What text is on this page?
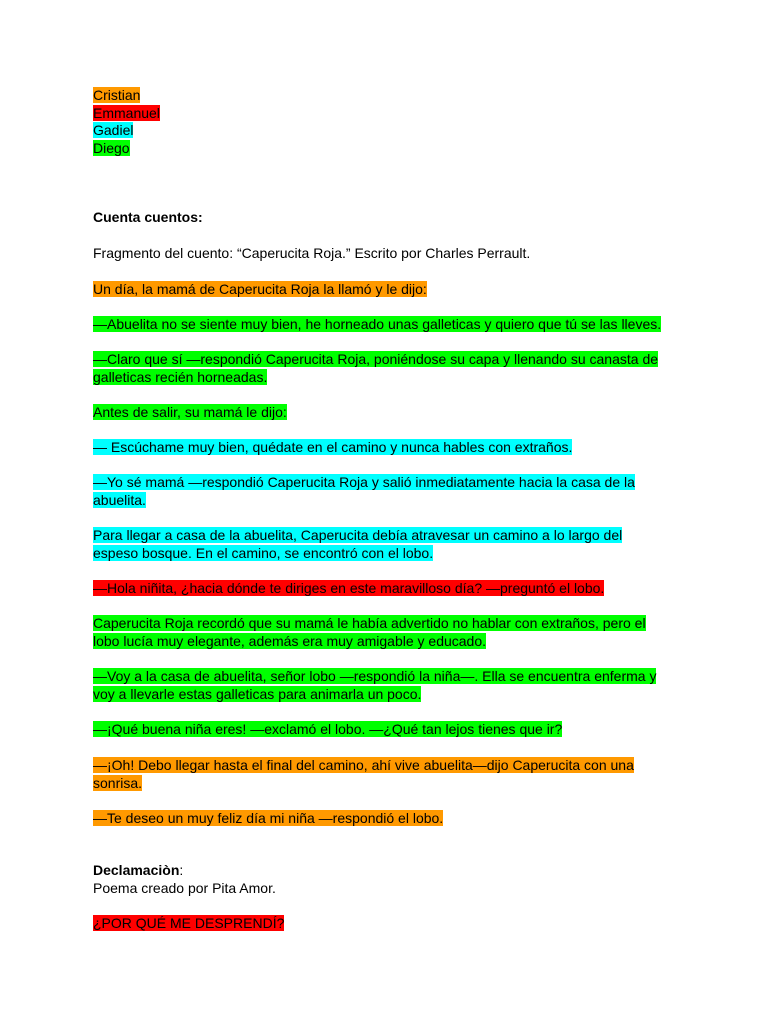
Cristian
Emmanuel
Gadiel
Diego
Cuenta cuentos:
Fragmento del cuento: “Caperucita Roja.” Escrito por Charles Perrault.
Un día, la mamá de Caperucita Roja la llamó y le dijo:
—Abuelita no se siente muy bien, he horneado unas galleticas y quiero que tú se las lleves.
—Claro que sí —respondió Caperucita Roja, poniéndose su capa y llenando su canasta de galleticas recién horneadas.
Antes de salir, su mamá le dijo:
— Escúchame muy bien, quédate en el camino y nunca hables con extraños.
—Yo sé mamá —respondió Caperucita Roja y salió inmediatamente hacia la casa de la abuelita.
Para llegar a casa de la abuelita, Caperucita debía atravesar un camino a lo largo del espeso bosque. En el camino, se encontró con el lobo.
—Hola niñita, ¿hacia dónde te diriges en este maravilloso día? —preguntó el lobo.
Caperucita Roja recordó que su mamá le había advertido no hablar con extraños, pero el lobo lucía muy elegante, además era muy amigable y educado.
—Voy a la casa de abuelita, señor lobo —respondió la niña—. Ella se encuentra enferma y voy a llevarle estas galleticas para animarla un poco.
—¡Qué buena niña eres! —exclamó el lobo. —¿Qué tan lejos tienes que ir?
—¡Oh! Debo llegar hasta el final del camino, ahí vive abuelita—dijo Caperucita con una sonrisa.
—Te deseo un muy feliz día mi niña —respondió el lobo.
Declamaciòn:
Poema creado por Pita Amor.
¿POR QUÉ ME DESPRENDÍ?
